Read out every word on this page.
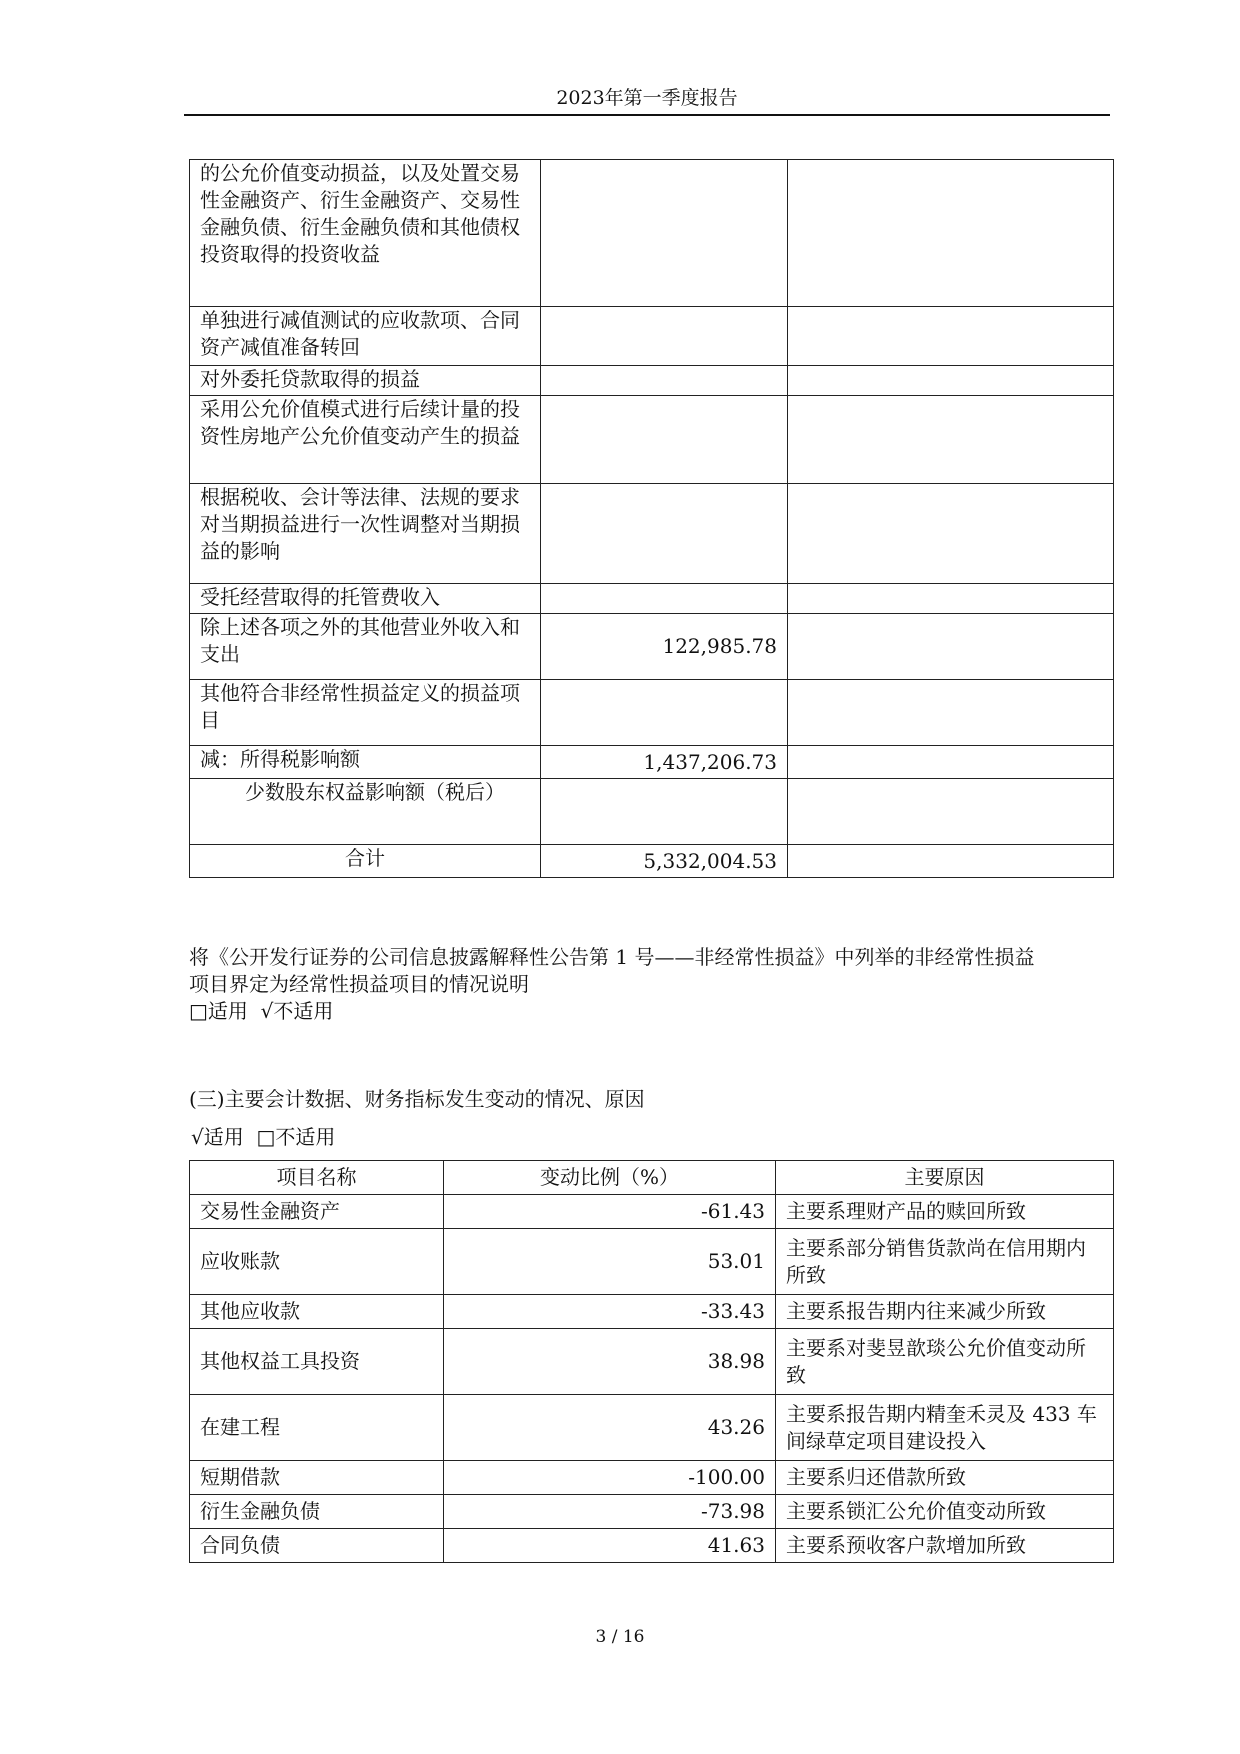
2023年第一季度报告
的公允价值变动损益，以及处置交易性金融资产、衍生金融资产、交易性金融负债、衍生金融负债和其他债权投资取得的投资收益		
单独进行减值测试的应收款项、合同资产减值准备转回		
对外委托贷款取得的损益		
采用公允价值模式进行后续计量的投资性房地产公允价值变动产生的损益		
根据税收、会计等法律、法规的要求对当期损益进行一次性调整对当期损益的影响		
受托经营取得的托管费收入		
除上述各项之外的其他营业外收入和支出	122,985.78	
其他符合非经常性损益定义的损益项目		
减：所得税影响额	1,437,206.73	
少数股东权益影响额（税后）		
合计	5,332,004.53	
将《公开发行证券的公司信息披露解释性公告第 1 号——非经常性损益》中列举的非经常性损益
项目界定为经常性损益项目的情况说明
□适用  √不适用
(三)主要会计数据、财务指标发生变动的情况、原因
√适用  □不适用
项目名称	变动比例（%）	主要原因
交易性金融资产	-61.43	主要系理财产品的赎回所致
应收账款	53.01	主要系部分销售货款尚在信用期内所致
其他应收款	-33.43	主要系报告期内往来减少所致
其他权益工具投资	38.98	主要系对斐昱歆琰公允价值变动所致
在建工程	43.26	主要系报告期内精奎禾灵及 433 车间绿草定项目建设投入
短期借款	-100.00	主要系归还借款所致
衍生金融负债	-73.98	主要系锁汇公允价值变动所致
合同负债	41.63	主要系预收客户款增加所致
3 / 16
